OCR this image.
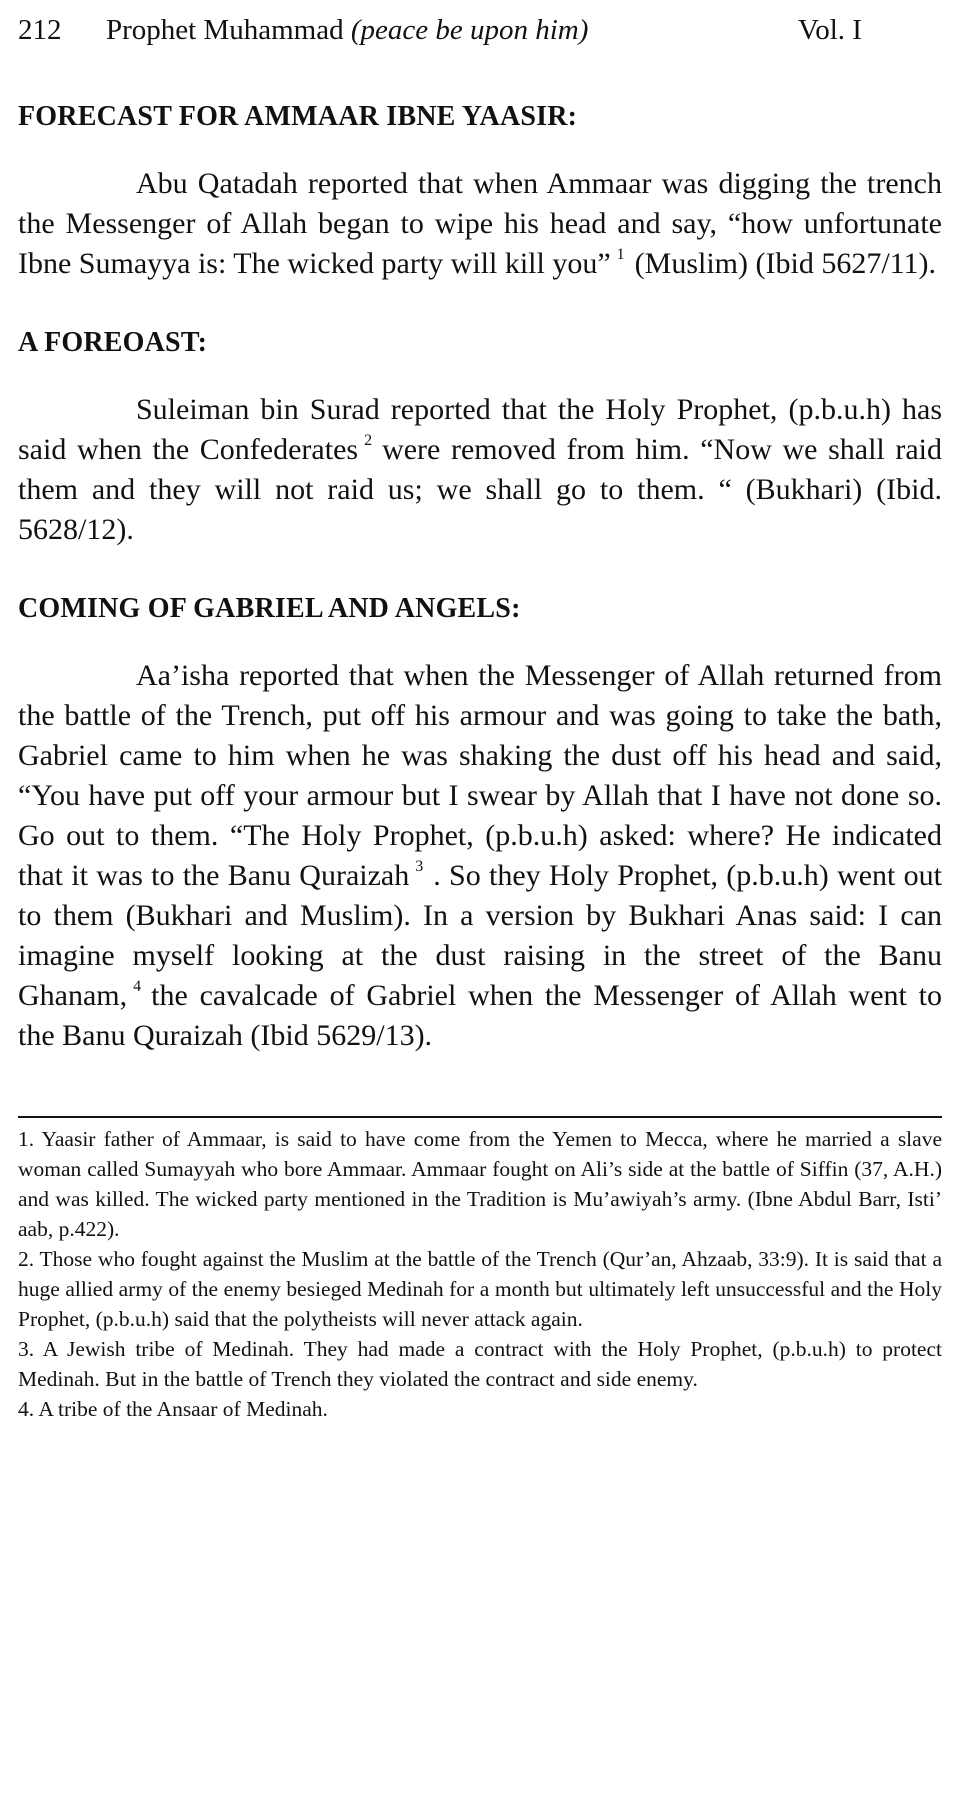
212 Prophet Muhammad (peace be upon him)	Vol. I
FORECAST FOR AMMAAR IBNE YAASIR:

Abu Qatadah reported that when Ammaar was digging the trench the Messenger of Allah began to wipe his head and say, “how unfortunate Ibne Sumayya is: The wicked party will kill you” $^1$ (Muslim) (Ibid 5627/11).

A FOREOAST:

Suleiman bin Surad reported that the Holy Prophet, (p.b.u.h) has said when the Confederates $^2$ were removed from him. “Now we shall raid them and they will not raid us; we shall go to them. “ (Bukhari) (Ibid. 5628/12).

COMING OF GABRIEL AND ANGELS:

Aa’isha reported that when the Messenger of Allah returned from the battle of the Trench, put off his armour and was going to take the bath, Gabriel came to him when he was shaking the dust off his head and said, “You have put off your armour but I swear by Allah that I have not done so. Go out to them. “The Holy Prophet, (p.b.u.h) asked: where? He indicated that it was to the Banu Quraizah $^3$ . So they Holy Prophet, (p.b.u.h) went out to them (Bukhari and Muslim). In a version by Bukhari Anas said: I can imagine myself looking at the dust raising in the street of the Banu Ghanam, $^4$ the cavalcade of Gabriel when the Messenger of Allah went to the Banu Quraizah (Ibid 5629/13).

1. Yaasir father of Ammaar, is said to have come from the Yemen to Mecca, where he married a slave woman called Sumayyah who bore Ammaar. Ammaar fought on Ali’s side at the battle of Siffin (37, A.H.) and was killed. The wicked party mentioned in the Tradition is Mu’awiyah’s army. (Ibne Abdul Barr, Isti’ aab, p.422).

2. Those who fought against the Muslim at the battle of the Trench (Qur’an, Ahzaab, 33:9). It is said that a huge allied army of the enemy besieged Medinah for a month but ultimately left unsuccessful and the Holy Prophet, (p.b.u.h) said that the polytheists will never attack again.

3. A Jewish tribe of Medinah. They had made a contract with the Holy Prophet, (p.b.u.h) to protect Medinah. But in the battle of Trench they violated the contract and side enemy.

4. A tribe of the Ansaar of Medinah.
